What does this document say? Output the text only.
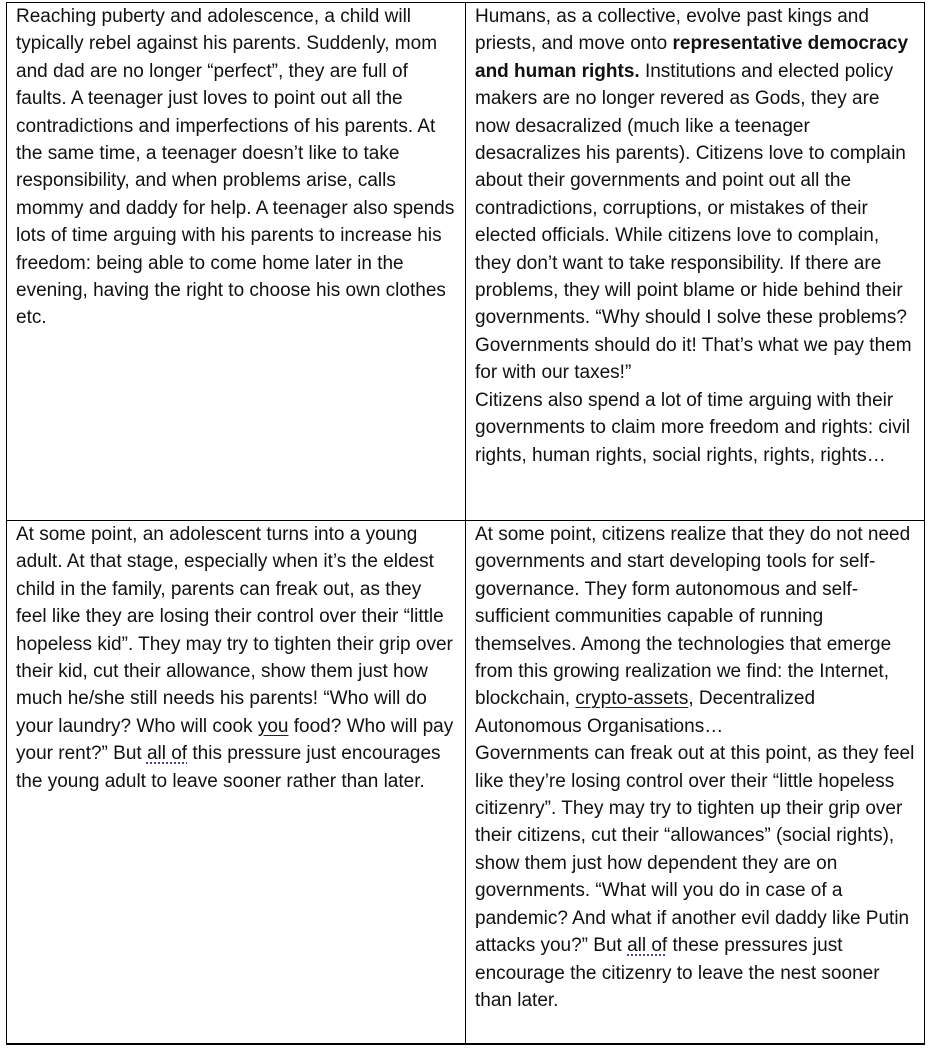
Reaching puberty and adolescence, a child will typically rebel against his parents. Suddenly, mom and dad are no longer “perfect”, they are full of faults. A teenager just loves to point out all the contradictions and imperfections of his parents. At the same time, a teenager doesn’t like to take responsibility, and when problems arise, calls mommy and daddy for help. A teenager also spends lots of time arguing with his parents to increase his freedom: being able to come home later in the evening, having the right to choose his own clothes etc.

Humans, as a collective, evolve past kings and priests, and move onto representative democracy and human rights. Institutions and elected policy makers are no longer revered as Gods, they are now desacralized (much like a teenager desacralizes his parents). Citizens love to complain about their governments and point out all the contradictions, corruptions, or mistakes of their elected officials. While citizens love to complain, they don’t want to take responsibility. If there are problems, they will point blame or hide behind their governments. “Why should I solve these problems? Governments should do it! That’s what we pay them for with our taxes!”

Citizens also spend a lot of time arguing with their governments to claim more freedom and rights: civil rights, human rights, social rights, rights, rights…

At some point, an adolescent turns into a young adult. At that stage, especially when it’s the eldest child in the family, parents can freak out, as they feel like they are losing their control over their “little hopeless kid”. They may try to tighten their grip over their kid, cut their allowance, show them just how much he/she still needs his parents! “Who will do your laundry? Who will cook you food? Who will pay your rent?” But all of this pressure just encourages the young adult to leave sooner rather than later.

At some point, citizens realize that they do not need governments and start developing tools for self-governance. They form autonomous and self-sufficient communities capable of running themselves. Among the technologies that emerge from this growing realization we find: the Internet, blockchain, crypto-assets, Decentralized Autonomous Organisations…

Governments can freak out at this point, as they feel like they’re losing control over their “little hopeless citizenry”. They may try to tighten up their grip over their citizens, cut their “allowances” (social rights), show them just how dependent they are on governments. “What will you do in case of a pandemic? And what if another evil daddy like Putin attacks you?” But all of these pressures just encourage the citizenry to leave the nest sooner than later.
